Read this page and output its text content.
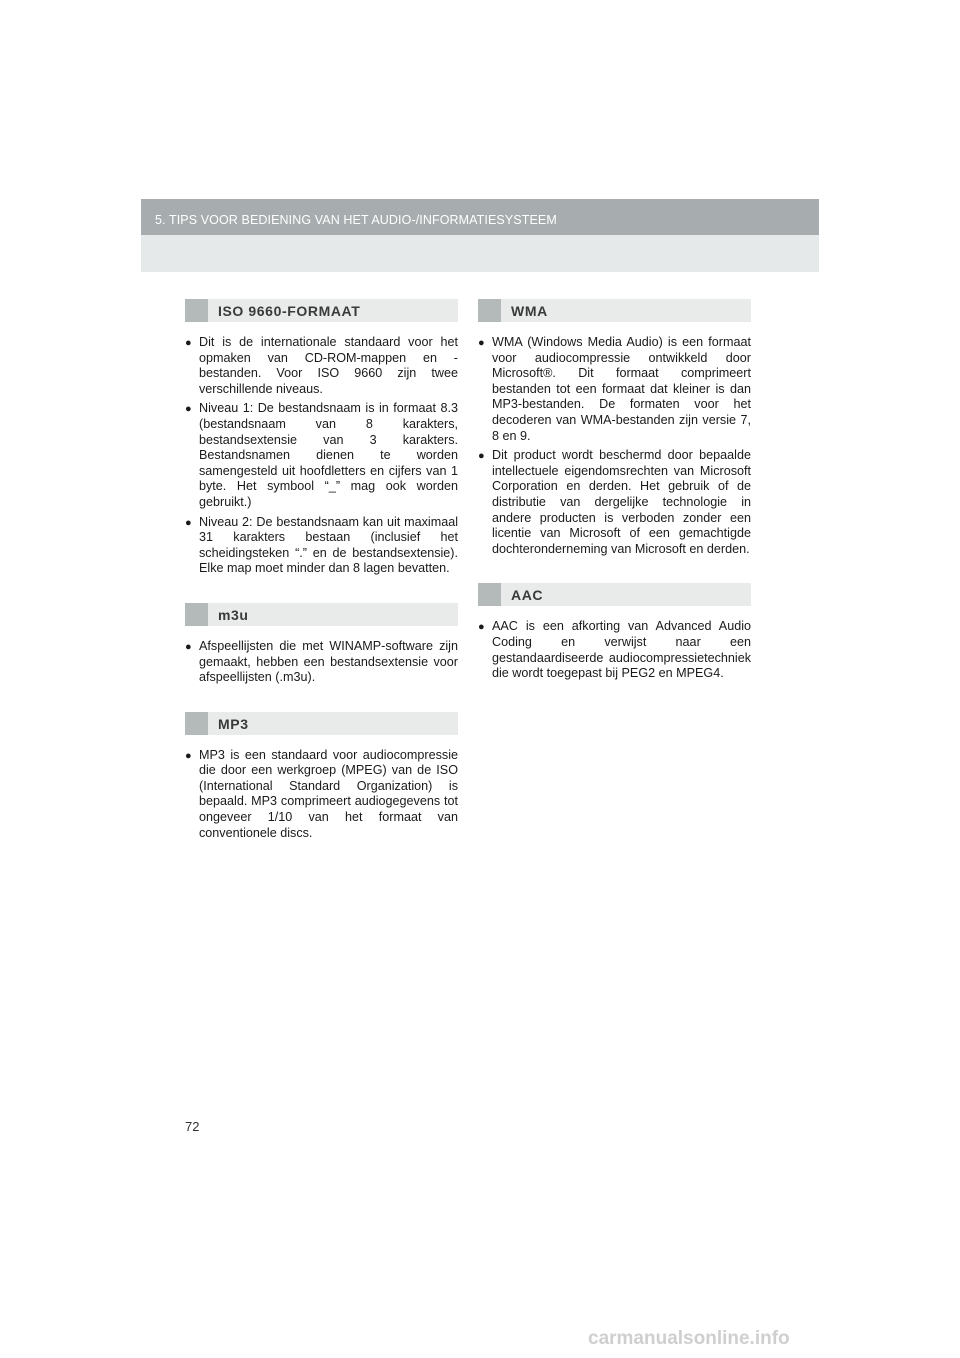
5. TIPS VOOR BEDIENING VAN HET AUDIO-/INFORMATIESYSTEEM
ISO 9660-FORMAAT
● Dit is de internationale standaard voor het opmaken van CD-ROM-mappen en -bestanden. Voor ISO 9660 zijn twee verschillende niveaus.
● Niveau 1: De bestandsnaam is in formaat 8.3 (bestandsnaam van 8 karakters, bestandsextensie van 3 karakters. Bestandsnamen dienen te worden samengesteld uit hoofdletters en cijfers van 1 byte. Het symbool “_” mag ook worden gebruikt.)
● Niveau 2: De bestandsnaam kan uit maximaal 31 karakters bestaan (inclusief het scheidingsteken “.” en de bestandsextensie). Elke map moet minder dan 8 lagen bevatten.
m3u
● Afspeellijsten die met WINAMP-software zijn gemaakt, hebben een bestandsextensie voor afspeellijsten (.m3u).
MP3
● MP3 is een standaard voor audiocompressie die door een werkgroep (MPEG) van de ISO (International Standard Organization) is bepaald. MP3 comprimeert audiogegevens tot ongeveer 1/10 van het formaat van conventionele discs.
WMA
● WMA (Windows Media Audio) is een formaat voor audiocompressie ontwikkeld door Microsoft®. Dit formaat comprimeert bestanden tot een formaat dat kleiner is dan MP3-bestanden. De formaten voor het decoderen van WMA-bestanden zijn versie 7, 8 en 9.
● Dit product wordt beschermd door bepaalde intellectuele eigendomsrechten van Microsoft Corporation en derden. Het gebruik of de distributie van dergelijke technologie in andere producten is verboden zonder een licentie van Microsoft of een gemachtigde dochteronderneming van Microsoft en derden.
AAC
● AAC is een afkorting van Advanced Audio Coding en verwijst naar een gestandaardiseerde audiocompressietechniek die wordt toegepast bij PEG2 en MPEG4.
72
carmanualsonline.info
